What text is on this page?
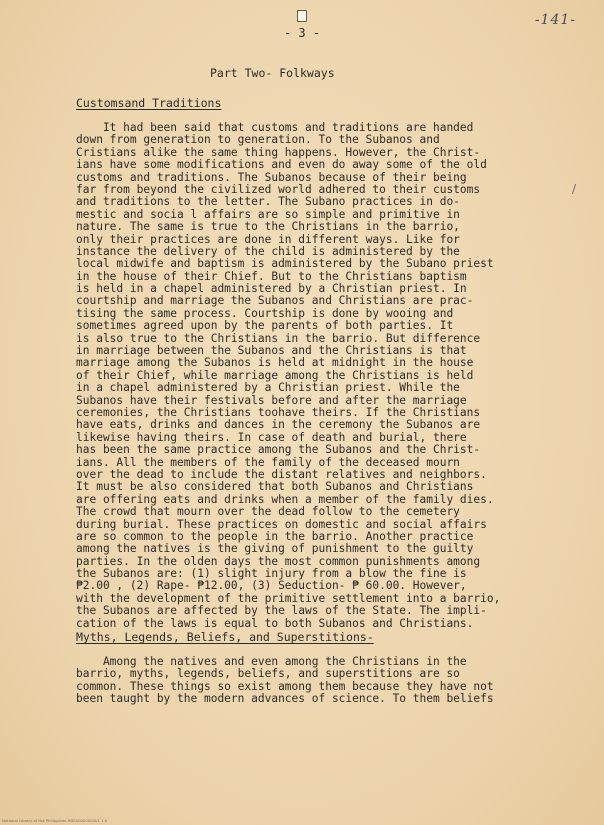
-141-
- 3 -
Part Two- Folkways
Customsand Traditions
It had been said that customs and traditions are handed
down from generation to generation. To the Subanos and
Cristians alike the same thing happens. However, the Christ-
ians have some modifications and even do away some of the old
customs and traditions. The Subanos because of their being
far from beyond the civilized world adhered to their customs
and traditions to the letter. The Subano practices in do-
mestic and socia l affairs are so simple and primitive in
nature. The same is true to the Christians in the barrio,
only their practices are done in different ways. Like for
instance the delivery of the child is administered by the
local midwife and baptism is administered by the Subano priest
in the house of their Chief. But to the Christians baptism
is held in a chapel administered by a Christian priest. In
courtship and marriage the Subanos and Christians are prac-
tising the same process. Courtship is done by wooing and
sometimes agreed upon by the parents of both parties. It
is also true to the Christians in the barrio. But difference
in marriage between the Subanos and the Christians is that
marriage among the Subanos is held at midnight in the house
of their Chief, while marriage among the Christians is held
in a chapel administered by a Christian priest. While the
Subanos have their festivals before and after the marriage
ceremonies, the Christians toohave theirs. If the Christians
have eats, drinks and dances in the ceremony the Subanos are
likewise having theirs. In case of death and burial, there
has been the same practice among the Subanos and the Christ-
ians. All the members of the family of the deceased mourn
over the dead to include the distant relatives and neighbors.
It must be also considered that both Subanos and Christians
are offering eats and drinks when a member of the family dies.
The crowd that mourn over the dead follow to the cemetery
during burial. These practices on domestic and social affairs
are so common to the people in the barrio. Another practice
among the natives is the giving of punishment to the guilty
parties. In the olden days the most common punishments among
the Subanos are: (1) slight injury from a blow the fine is
₱2.00 , (2) Rape- ₱12.00, (3) Seduction- ₱ 60.00. However,
with the development of the primitive settlement into a barrio,
the Subanos are affected by the laws of the State. The impli-
cation of the laws is equal to both Subanos and Christians.
Myths, Legends, Beliefs, and Superstitions-
Among the natives and even among the Christians in the
barrio, myths, legends, beliefs, and superstitions are so
common. These things so exist among them because they have not
been taught by the modern advances of science. To them beliefs
/
National Library of the Philippines HDS0000000/0/1 1.0
